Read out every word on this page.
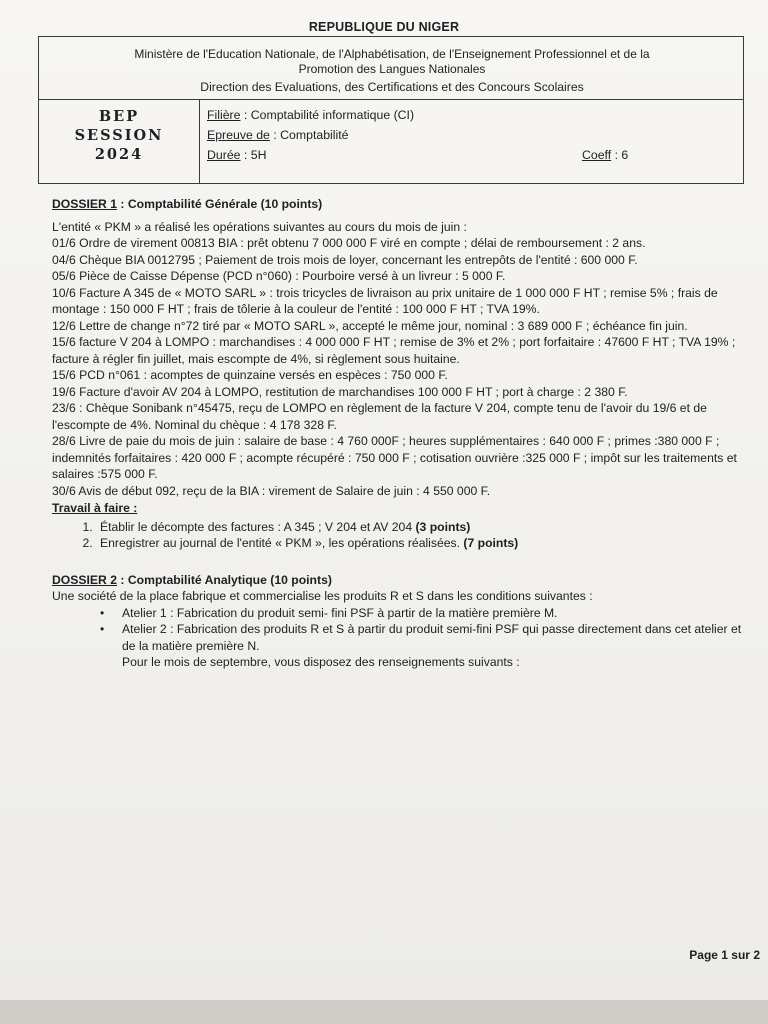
REPUBLIQUE DU NIGER
Ministère de l'Education Nationale, de l'Alphabétisation, de l'Enseignement Professionnel et de la
Promotion des Langues Nationales
Direction des Evaluations, des Certifications et des Concours Scolaires
BEP
SESSION
2024
Filière : Comptabilité informatique (CI)
Epreuve de : Comptabilité
Durée : 5H	Coeff : 6
DOSSIER 1 : Comptabilité Générale (10 points)

L'entité « PKM » a réalisé les opérations suivantes au cours du mois de juin :

01/6 Ordre de virement 00813 BIA : prêt obtenu 7 000 000 F viré en compte ; délai de remboursement : 2 ans.

04/6 Chèque BIA 0012795 ; Paiement de trois mois de loyer, concernant les entrepôts de l'entité : 600 000 F.

05/6 Pièce de Caisse Dépense (PCD n°060) : Pourboire versé à un livreur : 5 000 F.

10/6 Facture A 345 de « MOTO SARL » : trois tricycles de livraison au prix unitaire de 1 000 000 F HT ; remise 5% ; frais de montage : 150 000 F HT ; frais de tôlerie à la couleur de l'entité : 100 000 F HT ; TVA 19%.

12/6 Lettre de change n°72 tiré par « MOTO SARL », accepté le même jour, nominal : 3 689 000 F ; échéance fin juin.

15/6 facture V 204 à LOMPO : marchandises : 4 000 000 F HT ; remise de 3% et 2% ; port forfaitaire : 47600 F HT ; TVA 19% ; facture à régler fin juillet, mais escompte de 4%, si règlement sous huitaine.

15/6 PCD n°061 : acomptes de quinzaine versés en espèces : 750 000 F.

19/6 Facture d'avoir AV 204 à LOMPO, restitution de marchandises 100 000 F HT ; port à charge : 2 380 F.

23/6 : Chèque Sonibank n°45475, reçu de LOMPO en règlement de la facture V 204, compte tenu de l'avoir du 19/6 et de l'escompte de 4%. Nominal du chèque : 4 178 328 F.

28/6 Livre de paie du mois de juin : salaire de base : 4 760 000F ; heures supplémentaires : 640 000 F ; primes :380 000 F ; indemnités forfaitaires : 420 000 F ; acompte récupéré : 750 000 F ; cotisation ouvrière :325 000 F ; impôt sur les traitements et salaires :575 000 F.

30/6 Avis de début 092, reçu de la BIA : virement de Salaire de juin : 4 550 000 F.

Travail à faire :
1. Établir le décompte des factures : A 345 ; V 204 et AV 204 (3 points)
2. Enregistrer au journal de l'entité « PKM », les opérations réalisées. (7 points)
DOSSIER 2 : Comptabilité Analytique (10 points)

Une société de la place fabrique et commercialise les produits R et S dans les conditions suivantes :

• Atelier 1 : Fabrication du produit semi- fini PSF à partir de la matière première M.
• Atelier 2 : Fabrication des produits R et S à partir du produit semi-fini PSF qui passe directement dans cet atelier et de la matière première N.
Pour le mois de septembre, vous disposez des renseignements suivants :
Page 1 sur 2
